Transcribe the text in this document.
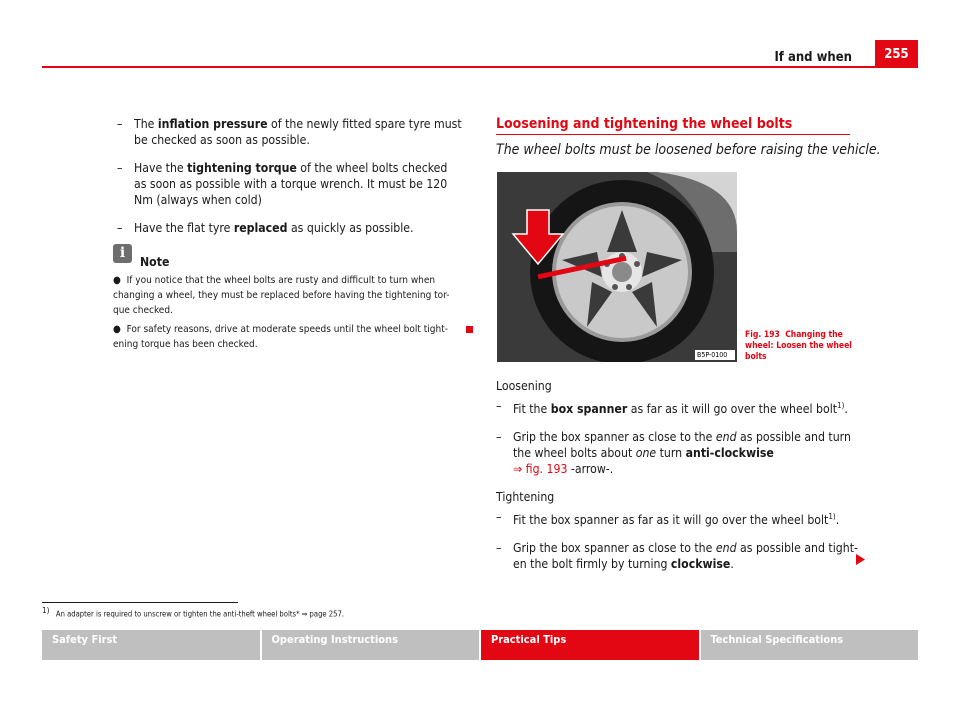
If and when	255
– The inflation pressure of the newly fitted spare tyre must be checked as soon as possible.
– Have the tightening torque of the wheel bolts checked as soon as possible with a torque wrench. It must be 120 Nm (always when cold)
– Have the flat tyre replaced as quickly as possible.
iNote
● If you notice that the wheel bolts are rusty and difficult to turn when changing a wheel, they must be replaced before having the tightening tor-que checked.
● For safety reasons, drive at moderate speeds until the wheel bolt tight-ening torque has been checked.
Loosening and tightening the wheel bolts
The wheel bolts must be loosened before raising the vehicle.
B5P-0100
Fig. 193 Changing the wheel: Loosen the wheel bolts
Loosening
– Fit the box spanner as far as it will go over the wheel bolt$^{1)}$.
– Grip the box spanner as close to the end as possible and turn the wheel bolts about one turn anti-clockwise
⇒ fig. 193 -arrow-.
Tightening
– Fit the box spanner as far as it will go over the wheel bolt$^{1)}$.
– Grip the box spanner as close to the end as possible and tight-en the bolt firmly by turning clockwise.
$^{1)}$ An adapter is required to unscrew or tighten the anti-theft wheel bolts* ⇒ page 257.
Safety First	Operating Instructions	Practical Tips	Technical Specifications
